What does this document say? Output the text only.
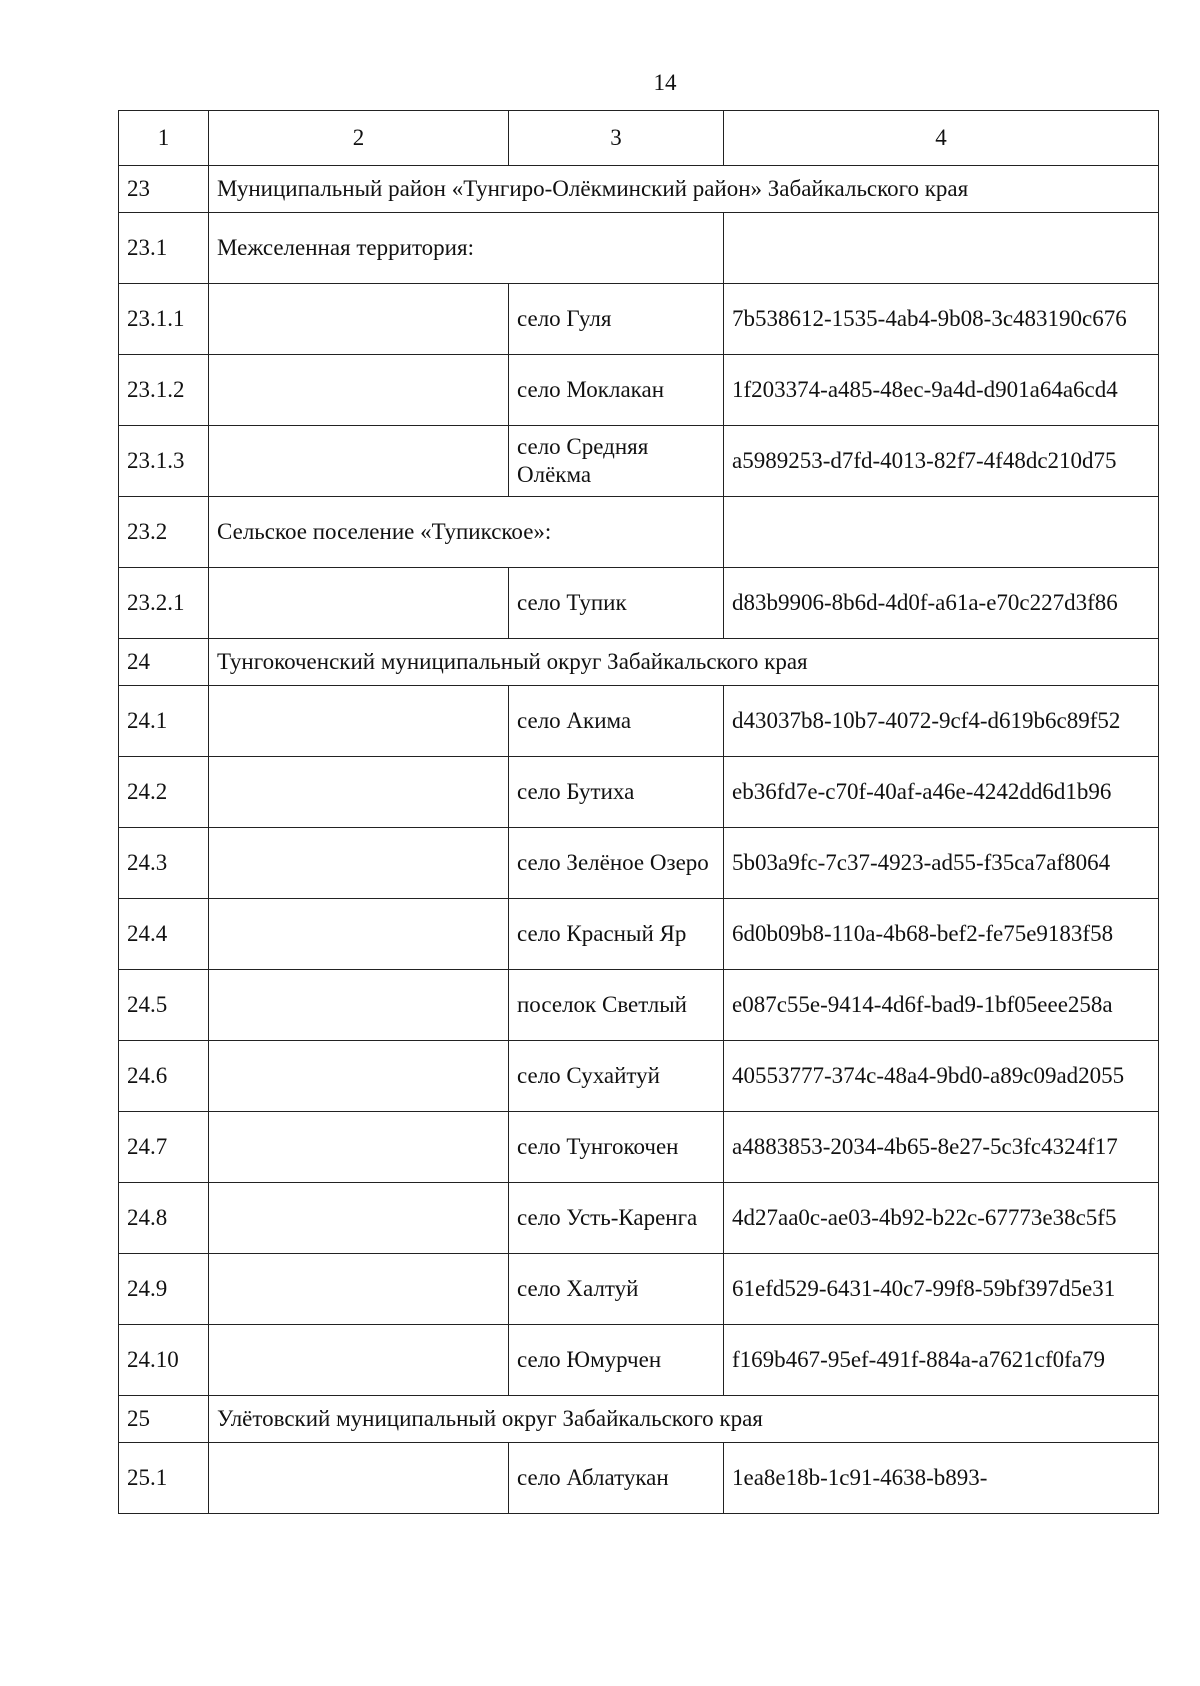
14
1	2	3	4
23	Муниципальный район «Тунгиро-Олёкминский район» Забайкальского края		
23.1	Межселенная территория:		
23.1.1		село Гуля	7b538612-1535-4ab4-9b08-3c483190c676
23.1.2		село Моклакан	1f203374-a485-48ec-9a4d-d901a64a6cd4
23.1.3		село Средняя Олёкма	a5989253-d7fd-4013-82f7-4f48dc210d75
23.2	Сельское поселение «Тупикское»:		
23.2.1		село Тупик	d83b9906-8b6d-4d0f-a61a-e70c227d3f86
24	Тунгокоченский муниципальный округ Забайкальского края		
24.1		село Акима	d43037b8-10b7-4072-9cf4-d619b6c89f52
24.2		село Бутиха	eb36fd7e-c70f-40af-a46e-4242dd6d1b96
24.3		село Зелёное Озеро	5b03a9fc-7c37-4923-ad55-f35ca7af8064
24.4		село Красный Яр	6d0b09b8-110a-4b68-bef2-fe75e9183f58
24.5		поселок Светлый	e087c55e-9414-4d6f-bad9-1bf05eee258a
24.6		село Сухайтуй	40553777-374c-48a4-9bd0-a89c09ad2055
24.7		село Тунгокочен	a4883853-2034-4b65-8e27-5c3fc4324f17
24.8		село Усть-Каренга	4d27aa0c-ae03-4b92-b22c-67773e38c5f5
24.9		село Халтуй	61efd529-6431-40c7-99f8-59bf397d5e31
24.10		село Юмурчен	f169b467-95ef-491f-884a-a7621cf0fa79
25	Улётовский муниципальный округ Забайкальского края		
25.1		село Аблатукан	1ea8e18b-1c91-4638-b893-
